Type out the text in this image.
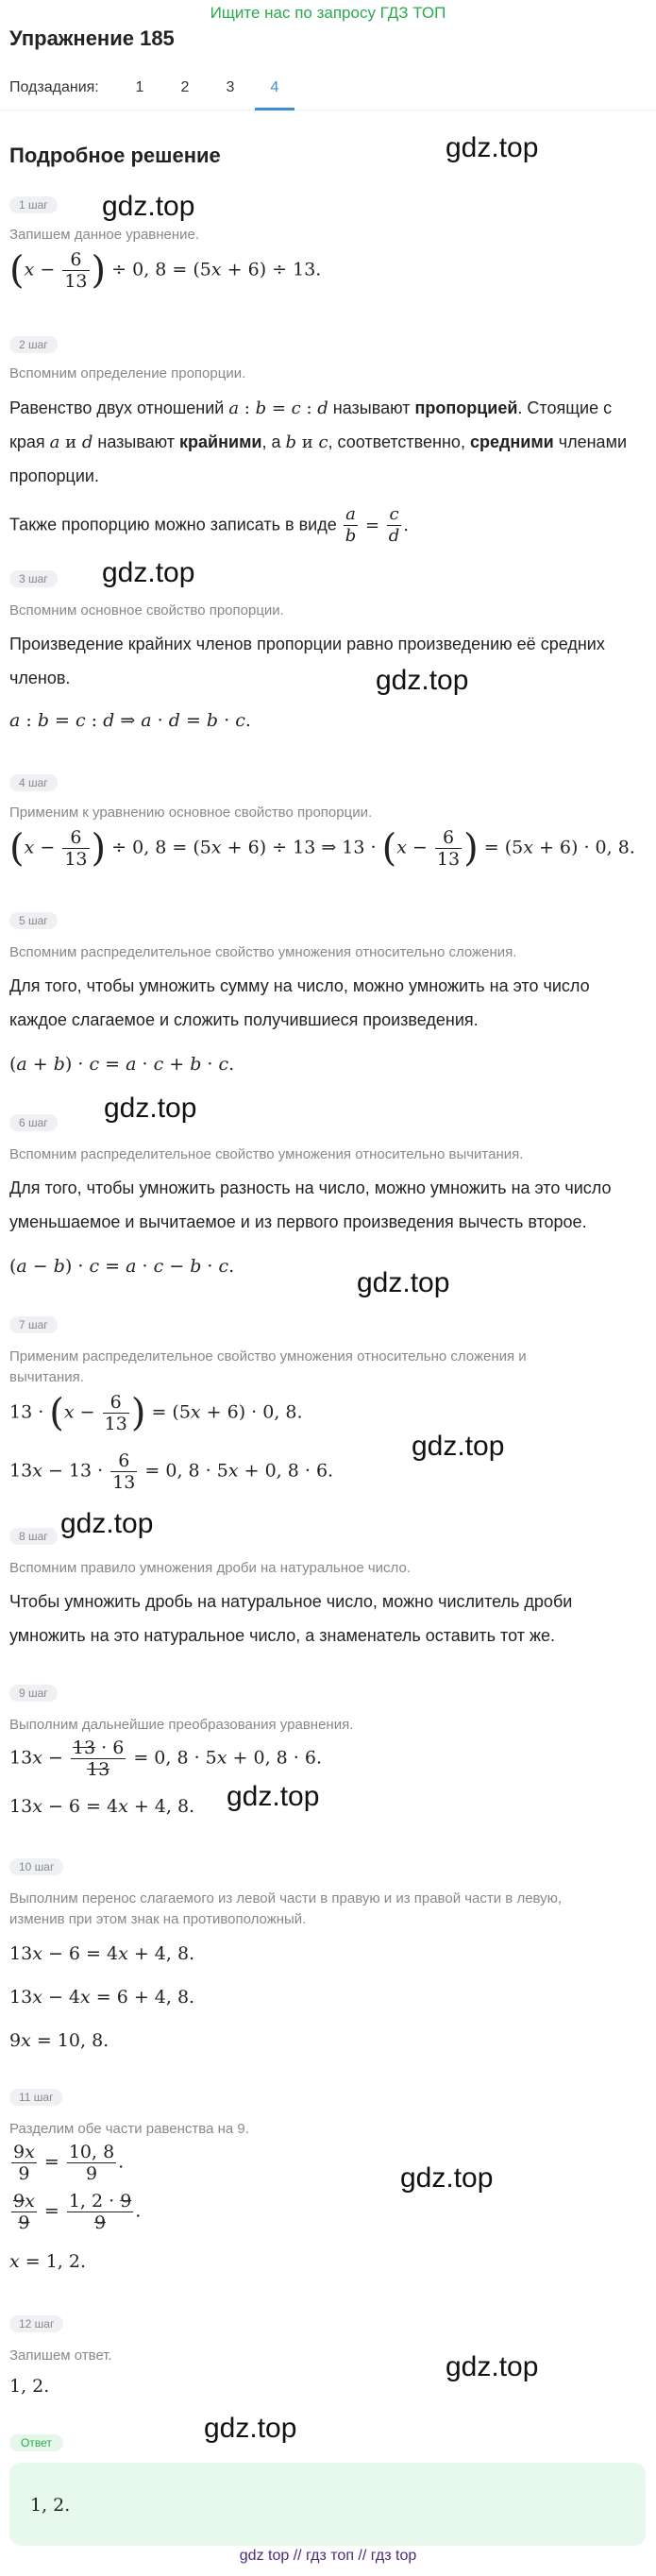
Ищите нас по запросу ГДЗ ТОП
Упражнение 185
Подзадания:	1	2	3	4
Подробное решение	gdz.top
gdz.top
gdz.top
gdz.top
gdz.top
gdz.top
gdz.top
gdz.top
gdz.top
gdz.top
gdz.top
gdz.top
1 шаг
Запишем данное уравнение.
($x - \frac{6}{13}$ ) ÷ 0, 8 = (5x + 6) ÷ 13.
2 шаг
Вспомним определение пропорции.
Равенство двух отношений a : b = c : d называют пропорцией. Стоящие с
края a и d называют крайними, а b и c, соответственно, средними членами
пропорции.
Также пропорцию можно записать в виде $\frac{a}{b} = \frac{c}{d}$ .
3 шаг
Вспомним основное свойство пропорции.
Произведение крайних членов пропорции равно произведению её средних
членов.
a : b = c : d ⇒ a · d = b · c.
4 шаг
Применим к уравнению основное свойство пропорции.
($x - \frac{6}{13}$ ) ÷ 0, 8 = (5x + 6) ÷ 13 ⇒ $13 \cdot (x - \frac{6}{13}$ ) = (5x + 6) · 0, 8.
5 шаг
Вспомним распределительное свойство умножения относительно сложения.
Для того, чтобы умножить сумму на число, можно умножить на это число
каждое слагаемое и сложить получившиеся произведения.
(a + b) · c = a · c + b · c.
6 шаг
Вспомним распределительное свойство умножения относительно вычитания.
Для того, чтобы умножить разность на число, можно умножить на это число
уменьшаемое и вычитаемое и из первого произведения вычесть второе.
(a − b) · c = a · c − b · c.
7 шаг
Применим распределительное свойство умножения относительно сложения и
вычитания.
$13 \cdot (x - \frac{6}{13}$ ) = (5x + 6) · 0, 8.
$13x - 13 \cdot \frac{6}{13} = 0$, 8 · 5x + 0, 8 · 6.
8 шаг
Вспомним правило умножения дроби на натуральное число.
Чтобы умножить дробь на натуральное число, можно числитель дроби
умножить на это натуральное число, а знаменатель оставить тот же.
9 шаг
Выполним дальнейшие преобразования уравнения.
$13x - \frac{13 \cdot 6}{13} = 0$, 8 · 5x + 0, 8 · 6.
13x − 6 = 4x + 4, 8.
10 шаг
Выполним перенос слагаемого из левой части в правую и из правой части в левую,
изменив при этом знак на противоположный.
13x − 6 = 4x + 4, 8.
13x − 4x = 6 + 4, 8.
9x = 10, 8.
11 шаг
Разделим обе части равенства на 9.
$\frac{9x}{9} = \frac{10, 8}{9}$ .
$\frac{9x}{9} = \frac{1, 2 \cdot 9}{9}$ .
x = 1, 2.
12 шаг
Запишем ответ.
1, 2.
Ответ
1, 2.
gdz top // гдз топ // гдз top
